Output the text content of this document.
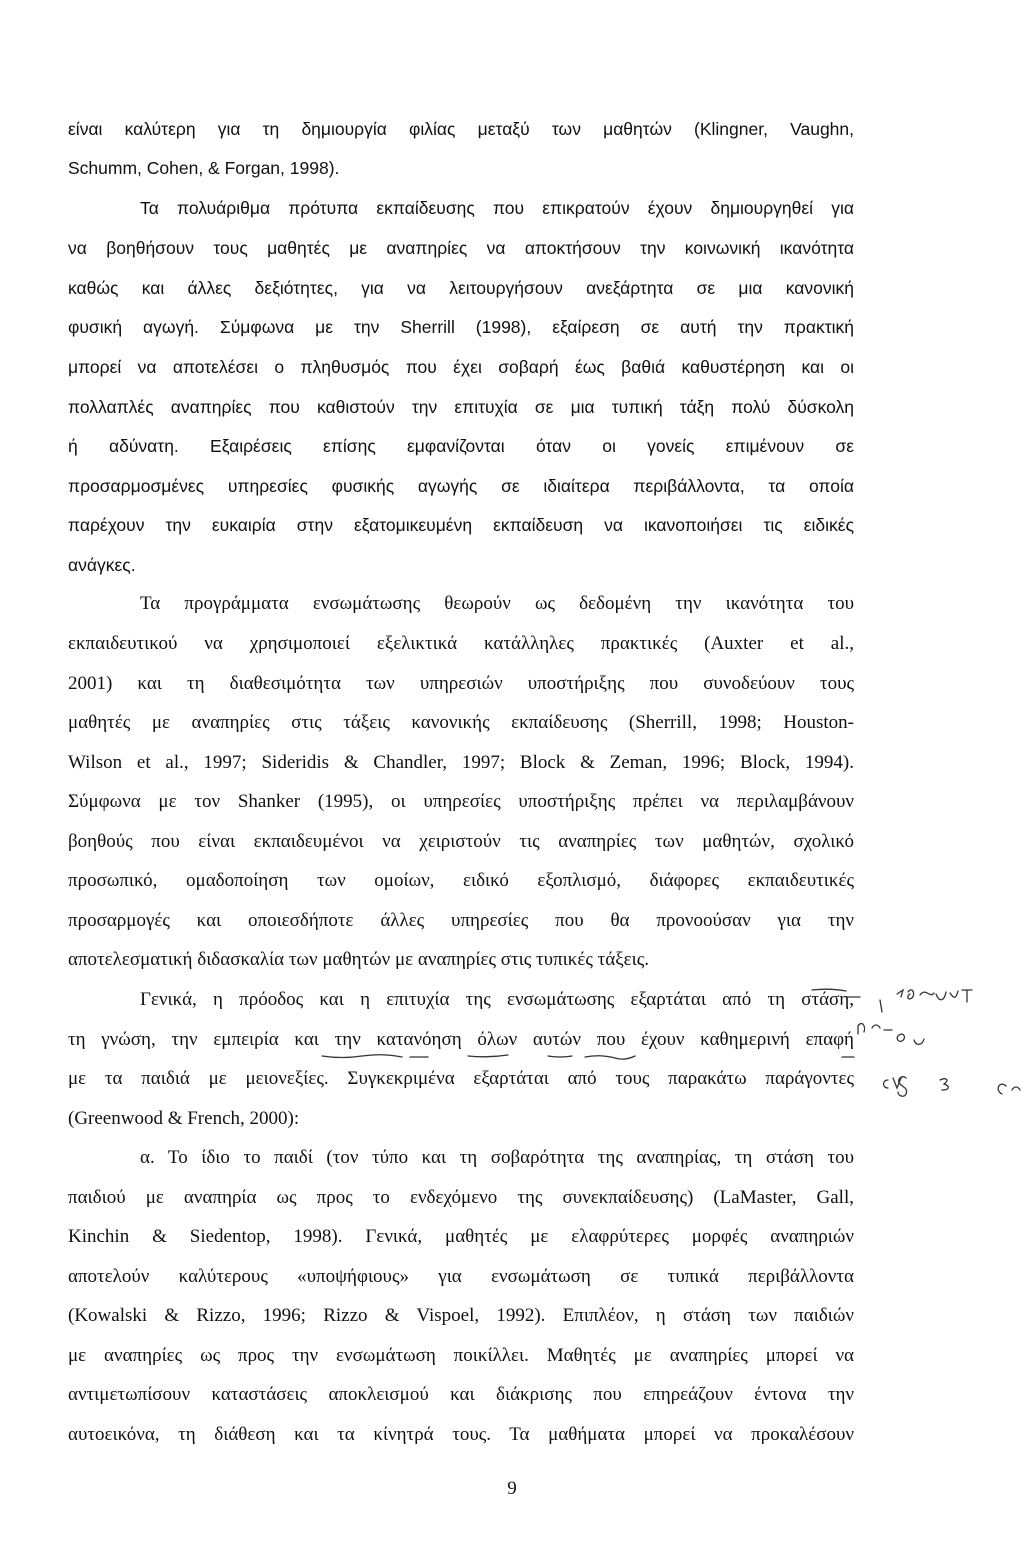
είναι καλύτερη για τη δημιουργία φιλίας μεταξύ των μαθητών (Klingner, Vaughn,
Schumm, Cohen, & Forgan, 1998).
Τα πολυάριθμα πρότυπα εκπαίδευσης που επικρατούν έχουν δημιουργηθεί για
να βοηθήσουν τους μαθητές με αναπηρίες να αποκτήσουν την κοινωνική ικανότητα
καθώς και άλλες δεξιότητες, για να λειτουργήσουν ανεξάρτητα σε μια κανονική
φυσική αγωγή. Σύμφωνα με την Sherrill (1998), εξαίρεση σε αυτή την πρακτική
μπορεί να αποτελέσει ο πληθυσμός που έχει σοβαρή έως βαθιά καθυστέρηση και οι
πολλαπλές αναπηρίες που καθιστούν την επιτυχία σε μια τυπική τάξη πολύ δύσκολη
ή αδύνατη. Εξαιρέσεις επίσης εμφανίζονται όταν οι γονείς επιμένουν σε
προσαρμοσμένες υπηρεσίες φυσικής αγωγής σε ιδιαίτερα περιβάλλοντα, τα οποία
παρέχουν την ευκαιρία στην εξατομικευμένη εκπαίδευση να ικανοποιήσει τις ειδικές
ανάγκες.
Τα προγράμματα ενσωμάτωσης θεωρούν ως δεδομένη την ικανότητα του
εκπαιδευτικού να χρησιμοποιεί εξελικτικά κατάλληλες πρακτικές (Auxter et al.,
2001) και τη διαθεσιμότητα των υπηρεσιών υποστήριξης που συνοδεύουν τους
μαθητές με αναπηρίες στις τάξεις κανονικής εκπαίδευσης (Sherrill, 1998; Houston-
Wilson et al., 1997; Sideridis & Chandler, 1997; Block & Zeman, 1996; Block, 1994).
Σύμφωνα με τον Shanker (1995), οι υπηρεσίες υποστήριξης πρέπει να περιλαμβάνουν
βοηθούς που είναι εκπαιδευμένοι να χειριστούν τις αναπηρίες των μαθητών, σχολικό
προσωπικό, ομαδοποίηση των ομοίων, ειδικό εξοπλισμό, διάφορες εκπαιδευτικές
προσαρμογές και οποιεσδήποτε άλλες υπηρεσίες που θα προνοούσαν για την
αποτελεσματική διδασκαλία των μαθητών με αναπηρίες στις τυπικές τάξεις.
Γενικά, η πρόοδος και η επιτυχία της ενσωμάτωσης εξαρτάται από τη στάση,
τη γνώση, την εμπειρία και την κατανόηση όλων αυτών που έχουν καθημερινή επαφή
με τα παιδιά με μειονεξίες. Συγκεκριμένα εξαρτάται από τους παρακάτω παράγοντες
(Greenwood & French, 2000):
α. Το ίδιο το παιδί (τον τύπο και τη σοβαρότητα της αναπηρίας, τη στάση του
παιδιού με αναπηρία ως προς το ενδεχόμενο της συνεκπαίδευσης) (LaMaster, Gall,
Kinchin & Siedentop, 1998). Γενικά, μαθητές με ελαφρύτερες μορφές αναπηριών
αποτελούν καλύτερους «υποψήφιους» για ενσωμάτωση σε τυπικά περιβάλλοντα
(Kowalski & Rizzo, 1996; Rizzo & Vispoel, 1992). Επιπλέον, η στάση των παιδιών
με αναπηρίες ως προς την ενσωμάτωση ποικίλλει. Μαθητές με αναπηρίες μπορεί να
αντιμετωπίσουν καταστάσεις αποκλεισμού και διάκρισης που επηρεάζουν έντονα την
αυτοεικόνα, τη διάθεση και τα κίνητρά τους. Τα μαθήματα μπορεί να προκαλέσουν
9
